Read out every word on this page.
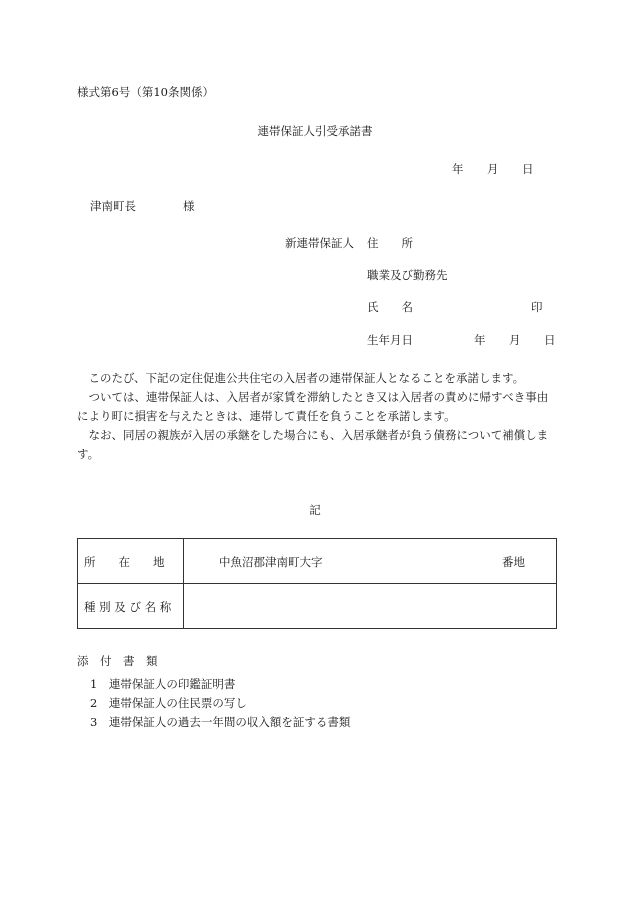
様式第6号（第10条関係）
連帯保証人引受承諾書
年 月 日
津南町長	様
新連帯保証人 住　　所
職業及び勤務先
氏　　名	印
生年月日	年 月 日
このたび、下記の定住促進公共住宅の入居者の連帯保証人となることを承諾します。
ついては、連帯保証人は、入居者が家賃を滞納したとき又は入居者の責めに帰すべき事由により町に損害を与えたときは、連帯して責任を負うことを承諾します。
なお、同居の親族が入居の承継をした場合にも、入居承継者が負う債務について補償します。
記
所　　在　　地	中魚沼郡津南町大字 番地

種 別 及 び 名 称	

添　付　書　類
1　連帯保証人の印鑑証明書
2　連帯保証人の住民票の写し
3　連帯保証人の過去一年間の収入額を証する書類
